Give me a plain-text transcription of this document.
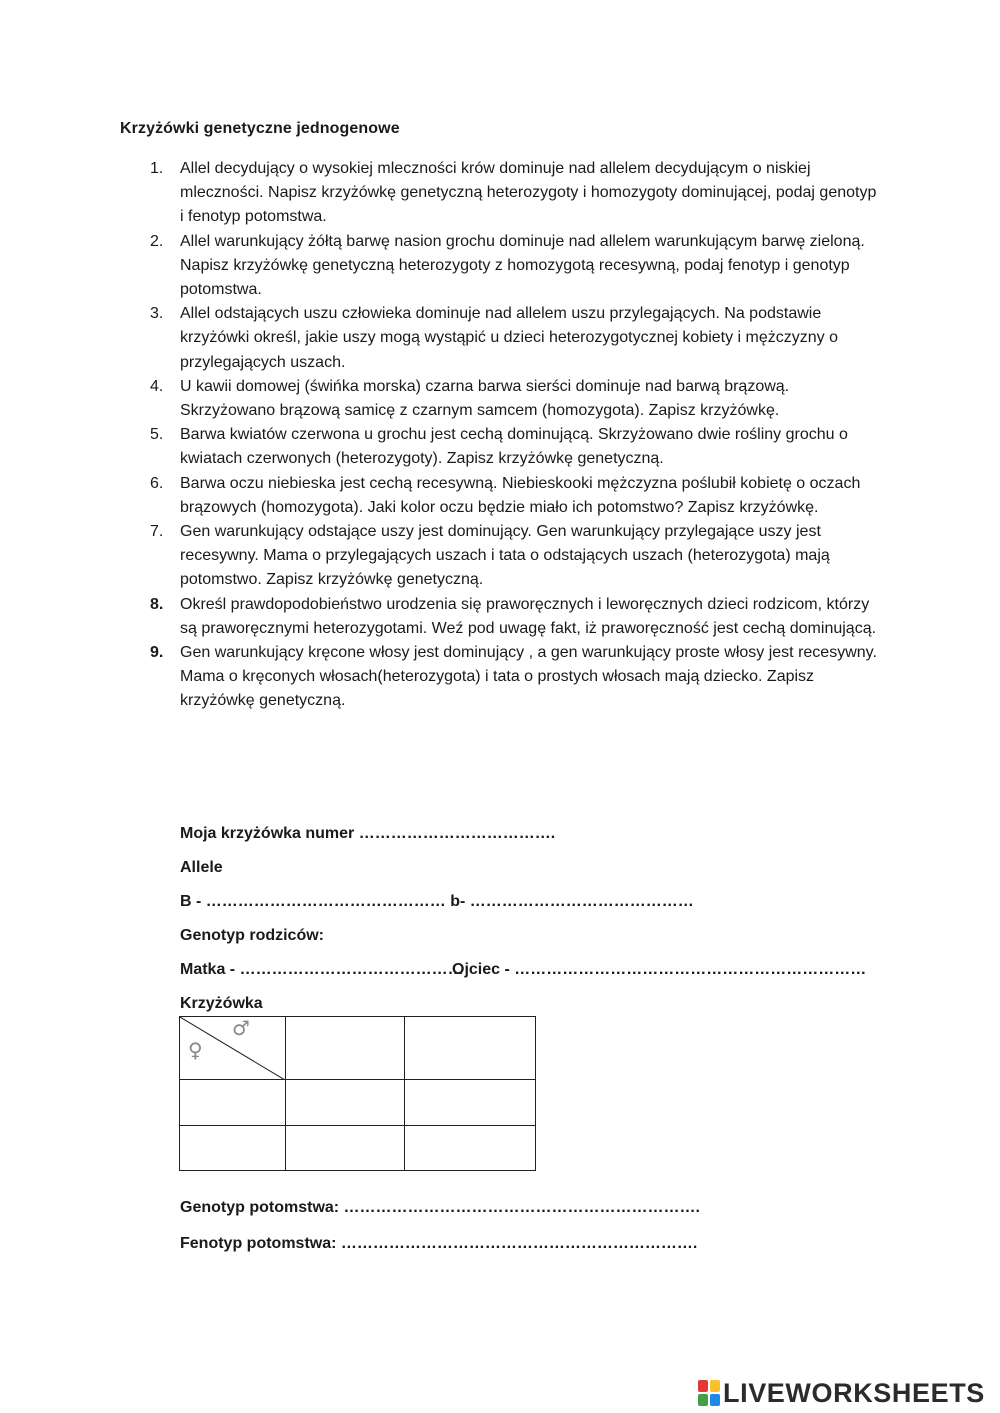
Krzyżówki genetyczne jednogenowe
1.	Allel decydujący o wysokiej mleczności krów dominuje nad allelem decydującym o niskiej mleczności. Napisz krzyżówkę genetyczną heterozygoty i homozygoty dominującej, podaj genotyp i fenotyp potomstwa.
2.	Allel warunkujący żółtą barwę nasion grochu dominuje nad allelem warunkującym barwę zieloną. Napisz krzyżówkę genetyczną heterozygoty z homozygotą recesywną, podaj fenotyp i genotyp potomstwa.
3.	Allel odstających uszu człowieka dominuje nad allelem uszu przylegających. Na podstawie krzyżówki określ, jakie uszy mogą wystąpić u dzieci heterozygotycznej kobiety i mężczyzny o przylegających uszach.
4.	U kawii domowej (świńka morska) czarna barwa sierści dominuje nad barwą brązową. Skrzyżowano brązową samicę z czarnym samcem (homozygota). Zapisz krzyżówkę.
5.	Barwa kwiatów czerwona u grochu jest cechą dominującą. Skrzyżowano dwie rośliny grochu o kwiatach czerwonych (heterozygoty). Zapisz krzyżówkę genetyczną.
6.	Barwa oczu niebieska jest cechą recesywną. Niebieskooki mężczyzna poślubił kobietę o oczach brązowych (homozygota). Jaki kolor oczu będzie miało ich potomstwo? Zapisz krzyżówkę.
7.	Gen warunkujący odstające uszy jest dominujący. Gen warunkujący przylegające uszy jest recesywny. Mama o przylegających uszach i tata o odstających uszach (heterozygota) mają potomstwo. Zapisz krzyżówkę genetyczną.
8.	Określ prawdopodobieństwo urodzenia się praworęcznych i leworęcznych dzieci rodzicom, którzy są praworęcznymi heterozygotami. Weź pod uwagę fakt, iż praworęczność jest cechą dominującą.
9.	Gen warunkujący kręcone włosy jest dominujący , a gen warunkujący proste włosy jest recesywny. Mama o kręconych włosach(heterozygota) i tata o prostych włosach mają dziecko. Zapisz krzyżówkę genetyczną.
Moja krzyżówka numer ……………………………….
Allele
B - ……………………………………… b- ……………………………………
Genotyp rodziców:
Matka - ……………………………………
Ojciec - …………………………………………………………
Krzyżówka
Genotyp potomstwa: ………………………………………………………….
Fenotyp potomstwa: ………………………………………………………….
♂
♀		

LIVEWORKSHEETS
